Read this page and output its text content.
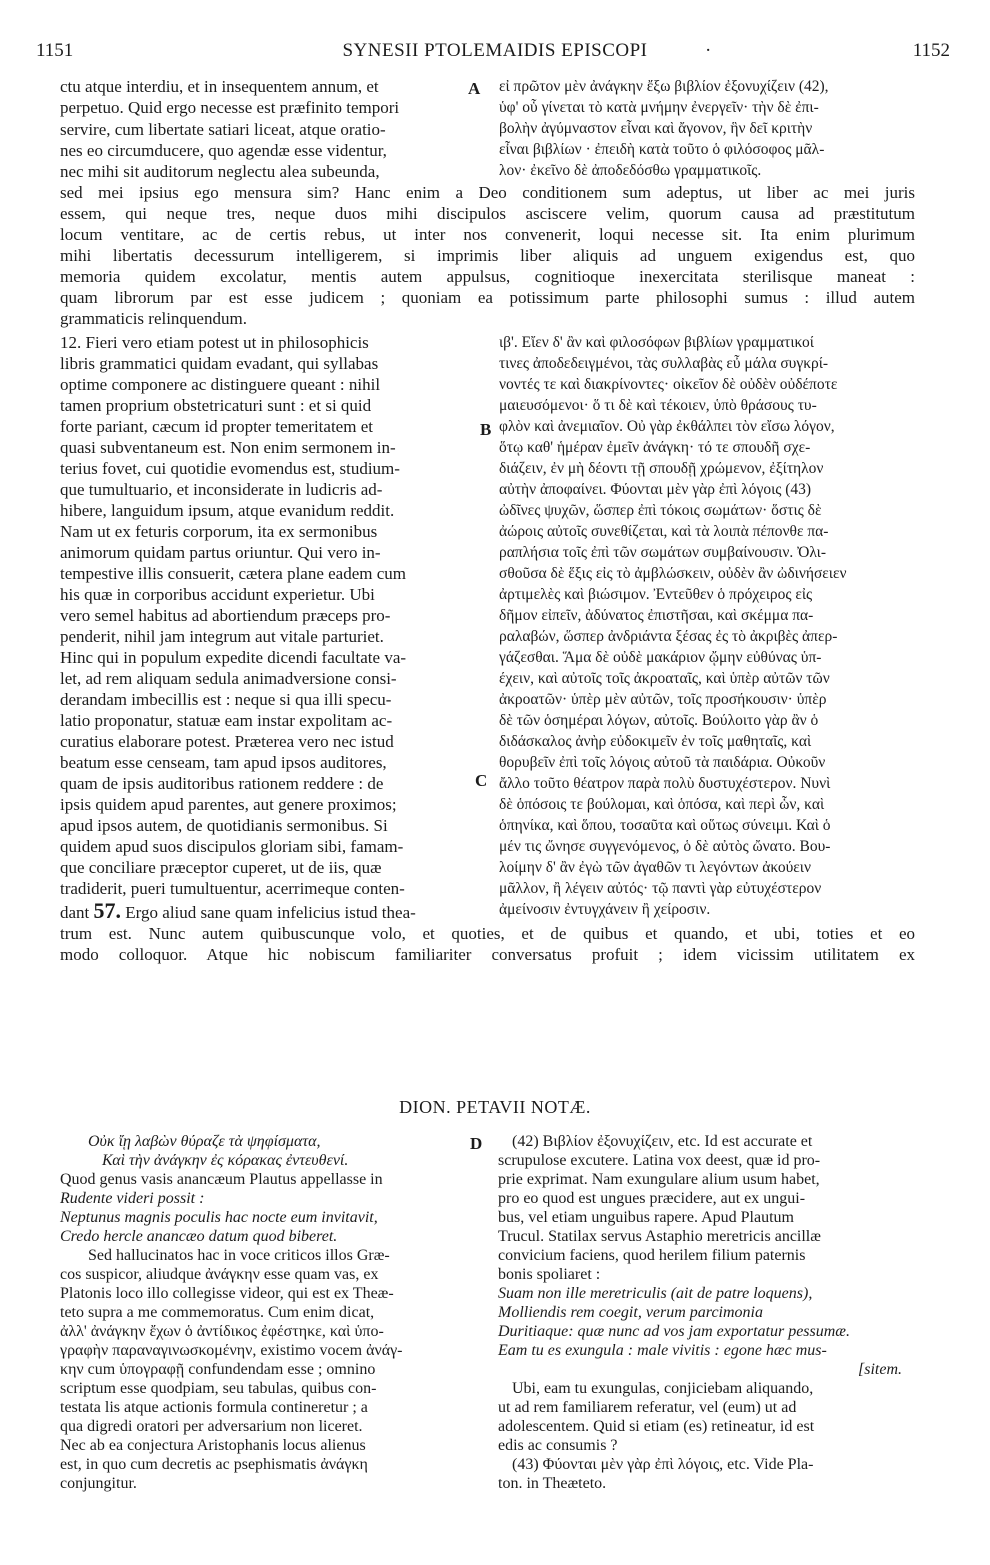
1151	SYNESII PTOLEMAIDIS EPISCOPI	·	1152
A
B
C
D
ctu atque interdiu, et in insequentem annum, et
perpetuo. Quid ergo necesse est præfinito tempori
servire, cum libertate satiari liceat, atque oratio-
nes eo circumducere, quo agendæ esse videntur,
nec mihi sit auditorum neglectu alea subeunda,
εἰ πρῶτον μὲν ἀνάγκην ἔξω βιβλίον ἐξονυχίζειν (42),
ὑφ' οὗ γίνεται τὸ κατὰ μνήμην ἐνεργεῖν· τὴν δὲ ἐπι-
βολὴν ἀγύμναστον εἶναι καὶ ἄγονον, ἣν δεῖ κριτὴν
εἶναι βιβλίων · ἐπειδὴ κατὰ τοῦτο ὁ φιλόσοφος μᾶλ-
λον· ἐκεῖνο δὲ ἀποδεδόσθω γραμματικοῖς.
sed mei ipsius ego mensura sim? Hanc enim a Deo conditionem sum adeptus, ut liber ac mei juris
essem, qui neque tres, neque duos mihi discipulos asciscere velim, quorum causa ad præstitutum
locum ventitare, ac de certis rebus, ut inter nos convenerit, loqui necesse sit. Ita enim plurimum
mihi libertatis decessurum intelligerem, si imprimis liber aliquis ad unguem exigendus est, quo
memoria quidem excolatur, mentis autem appulsus, cognitioque inexercitata sterilisque maneat :
quam librorum par est esse judicem ; quoniam ea potissimum parte philosophi sumus : illud autem
grammaticis relinquendum.
12. Fieri vero etiam potest ut in philosophicis
libris grammatici quidam evadant, qui syllabas
optime componere ac distinguere queant : nihil
tamen proprium obstetricaturi sunt : et si quid
forte pariant, cæcum id propter temeritatem et
quasi subventaneum est. Non enim sermonem in-
terius fovet, cui quotidie evomendus est, studium-
que tumultuario, et inconsiderate in ludicris ad-
hibere, languidum ipsum, atque evanidum reddit.
Nam ut ex feturis corporum, ita ex sermonibus
animorum quidam partus oriuntur. Qui vero in-
tempestive illis consuerit, cætera plane eadem cum
his quæ in corporibus accidunt experietur. Ubi
vero semel habitus ad abortiendum præceps pro-
penderit, nihil jam integrum aut vitale parturiet.
Hinc qui in populum expedite dicendi facultate va-
let, ad rem aliquam sedula animadversione consi-
derandam imbecillis est : neque si qua illi specu-
latio proponatur, statuæ eam instar expolitam ac-
curatius elaborare potest. Præterea vero nec istud
beatum esse censeam, tam apud ipsos auditores,
quam de ipsis auditoribus rationem reddere : de
ipsis quidem apud parentes, aut genere proximos;
apud ipsos autem, de quotidianis sermonibus. Si
quidem apud suos discipulos gloriam sibi, famam-
que conciliare præceptor cuperet, ut de iis, quæ
tradiderit, pueri tumultuentur, acerrimeque conten-
dant 57. Ergo aliud sane quam infelicius istud thea-
ιβ'. Εἴεν δ' ἂν καὶ φιλοσόφων βιβλίων γραμματικοί
τινες ἀποδεδειγμένοι, τὰς συλλαβὰς εὖ μάλα συγκρί-
νοντές τε καὶ διακρίνοντες· οἰκεῖον δὲ οὐδὲν οὐδέποτε
μαιευσόμενοι· ὅ τι δὲ καὶ τέκοιεν, ὑπὸ θράσους τυ-
φλὸν καὶ ἀνεμιαῖον. Οὐ γὰρ ἐκθάλπει τὸν εἴσω λόγον,
ὅτῳ καθ' ἡμέραν ἐμεῖν ἀνάγκη· τό τε σπουδῆ σχε-
διάζειν, ἐν μὴ δέοντι τῇ σπουδῇ χρώμενον, ἐξίτηλον
αὐτὴν ἀποφαίνει. Φύονται μὲν γὰρ ἐπὶ λόγοις (43)
ὠδῖνες ψυχῶν, ὥσπερ ἐπὶ τόκοις σωμάτων· ὅστις δὲ
ἀώροις αὐτοῖς συνεθίζεται, καὶ τὰ λοιπὰ πέπονθε πα-
ραπλήσια τοῖς ἐπὶ τῶν σωμάτων συμβαίνουσιν. Ὀλι-
σθοῦσα δὲ ἕξις εἰς τὸ ἀμβλώσκειν, οὐδὲν ἂν ὠδινήσειεν
ἀρτιμελὲς καὶ βιώσιμον. Ἐντεῦθεν ὁ πρόχειρος εἰς
δῆμον εἰπεῖν, ἀδύνατος ἐπιστῆσαι, καὶ σκέμμα πα-
ραλαβών, ὥσπερ ἀνδριάντα ξέσας ἐς τὸ ἀκριβὲς ἀπερ-
γάζεσθαι. Ἅμα δὲ οὐδὲ μακάριον ᾤμην εὐθύνας ὑπ-
έχειν, καὶ αὐτοῖς τοῖς ἀκροαταῖς, καὶ ὑπὲρ αὐτῶν τῶν
ἀκροατῶν· ὑπὲρ μὲν αὐτῶν, τοῖς προσήκουσιν· ὑπὲρ
δὲ τῶν ὁσημέραι λόγων, αὐτοῖς. Βούλοιτο γὰρ ἂν ὁ
διδάσκαλος ἀνὴρ εὐδοκιμεῖν ἐν τοῖς μαθηταῖς, καὶ
θορυβεῖν ἐπὶ τοῖς λόγοις αὐτοῦ τὰ παιδάρια. Οὐκοῦν
ἄλλο τοῦτο θέατρον παρὰ πολὺ δυστυχέστερον. Νυνὶ
δὲ ὁπόσοις τε βούλομαι, καὶ ὁπόσα, καὶ περὶ ὧν, καὶ
ὁπηνίκα, καὶ ὅπου, τοσαῦτα καὶ οὕτως σύνειμι. Καὶ ὁ
μέν τις ὤνησε συγγενόμενος, ὁ δὲ αὐτὸς ὤνατο. Βου-
λοίμην δ' ἂν ἐγὼ τῶν ἀγαθῶν τι λεγόντων ἀκούειν
μᾶλλον, ἢ λέγειν αὐτός· τῷ παντὶ γὰρ εὐτυχέστερον
ἀμείνοσιν ἐντυγχάνειν ἢ χείροσιν.
trum est. Nunc autem quibuscunque volo, et quoties, et de quibus et quando, et ubi, toties et eo
modo colloquor. Atque hic nobiscum familiariter conversatus profuit ; idem vicissim utilitatem ex
DION. PETAVII NOTÆ.
Οὐκ ἴῃ λαβὼν θύραζε τὰ ψηφίσματα,
Καὶ τὴν ἀνάγκην ἐς κόρακας ἐντευθενί.
Quod genus vasis anancæum Plautus appellasse in
Rudente videri possit :
Neptunus magnis poculis hac nocte eum invitavit,
Credo hercle anancæo datum quod biberet.
Sed hallucinatos hac in voce criticos illos Græ-
cos suspicor, aliudque ἀνάγκην esse quam vas, ex
Platonis loco illo collegisse videor, qui est ex Theæ-
teto supra a me commemoratus. Cum enim dicat,
ἀλλ' ἀνάγκην ἔχων ὁ ἀντίδικος ἐφέστηκε, καὶ ὑπο-
γραφὴν παραναγινωσκομένην, existimo vocem ἀνάγ-
κην cum ὑπογραφῇ confundendam esse ; omnino
scriptum esse quodpiam, seu tabulas, quibus con-
testata lis atque actionis formula contineretur ; a
qua digredi oratori per adversarium non liceret.
Nec ab ea conjectura Aristophanis locus alienus
est, in quo cum decretis ac psephismatis ἀνάγκη
conjungitur.
(42) Βιβλίον ἐξονυχίζειν, etc. Id est accurate et
scrupulose excutere. Latina vox deest, quæ id pro-
prie exprimat. Nam exungulare alium usum habet,
pro eo quod est ungues præcidere, aut ex ungui-
bus, vel etiam unguibus rapere. Apud Plautum
Trucul. Statilax servus Astaphio meretricis ancillæ
convicium faciens, quod herilem filium paternis
bonis spoliaret :
Suam non ille meretriculis (ait de patre loquens),
Molliendis rem coegit, verum parcimonia
Duritiaque: quæ nunc ad vos jam exportatur pessumæ.
Eam tu es exungula : male vivitis : egone hæc mus-
[sitem.
Ubi, eam tu exungulas, conjiciebam aliquando,
ut ad rem familiarem referatur, vel (eum) ut ad
adolescentem. Quid si etiam (es) retineatur, id est
edis ac consumis ?
(43) Φύονται μὲν γὰρ ἐπὶ λόγοις, etc. Vide Pla-
ton. in Theæteto.
